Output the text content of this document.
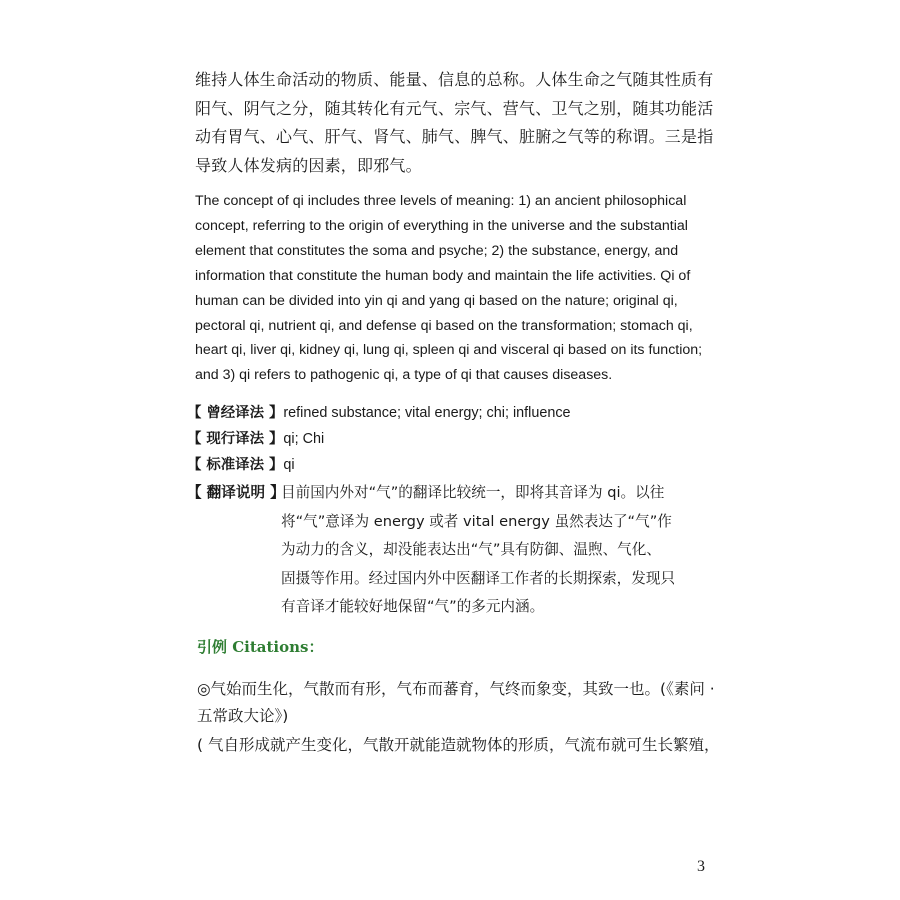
维持人体生命活动的物质、能量、信息的总称。人体生命之气随其性质有阳气、阴气之分，随其转化有元气、宗气、营气、卫气之别，随其功能活动有胃气、心气、肝气、肾气、肺气、脾气、脏腑之气等的称谓。三是指导致人体发病的因素，即邪气。

The concept of qi includes three levels of meaning: 1) an ancient philosophical concept, referring to the origin of everything in the universe and the substantial element that constitutes the soma and psyche; 2) the substance, energy, and information that constitute the human body and maintain the life activities. Qi of human can be divided into yin qi and yang qi based on the nature; original qi, pectoral qi, nutrient qi, and defense qi based on the transformation; stomach qi, heart qi, liver qi, kidney qi, lung qi, spleen qi and visceral qi based on its function; and 3) qi refers to pathogenic qi, a type of qi that causes diseases.

【 曾经译法 】refined substance; vital energy; chi; influence
【 现行译法 】qi; Chi
【 标准译法 】qi
【 翻译说明 】
目前国内外对“气”的翻译比较统一，即将其音译为 qi。以往
将“气”意译为 energy 或者 vital energy 虽然表达了“气”作
为动力的含义，却没能表达出“气”具有防御、温煦、气化、
固摄等作用。经过国内外中医翻译工作者的长期探索，发现只
有音译才能较好地保留“气”的多元内涵。
引例 Citations：

◎气始而生化，气散而有形，气布而蕃育，气终而象变，其致一也。(《素问 · 五常政大论》)

( 气自形成就产生变化，气散开就能造就物体的形质，气流布就可生长繁殖，

3
